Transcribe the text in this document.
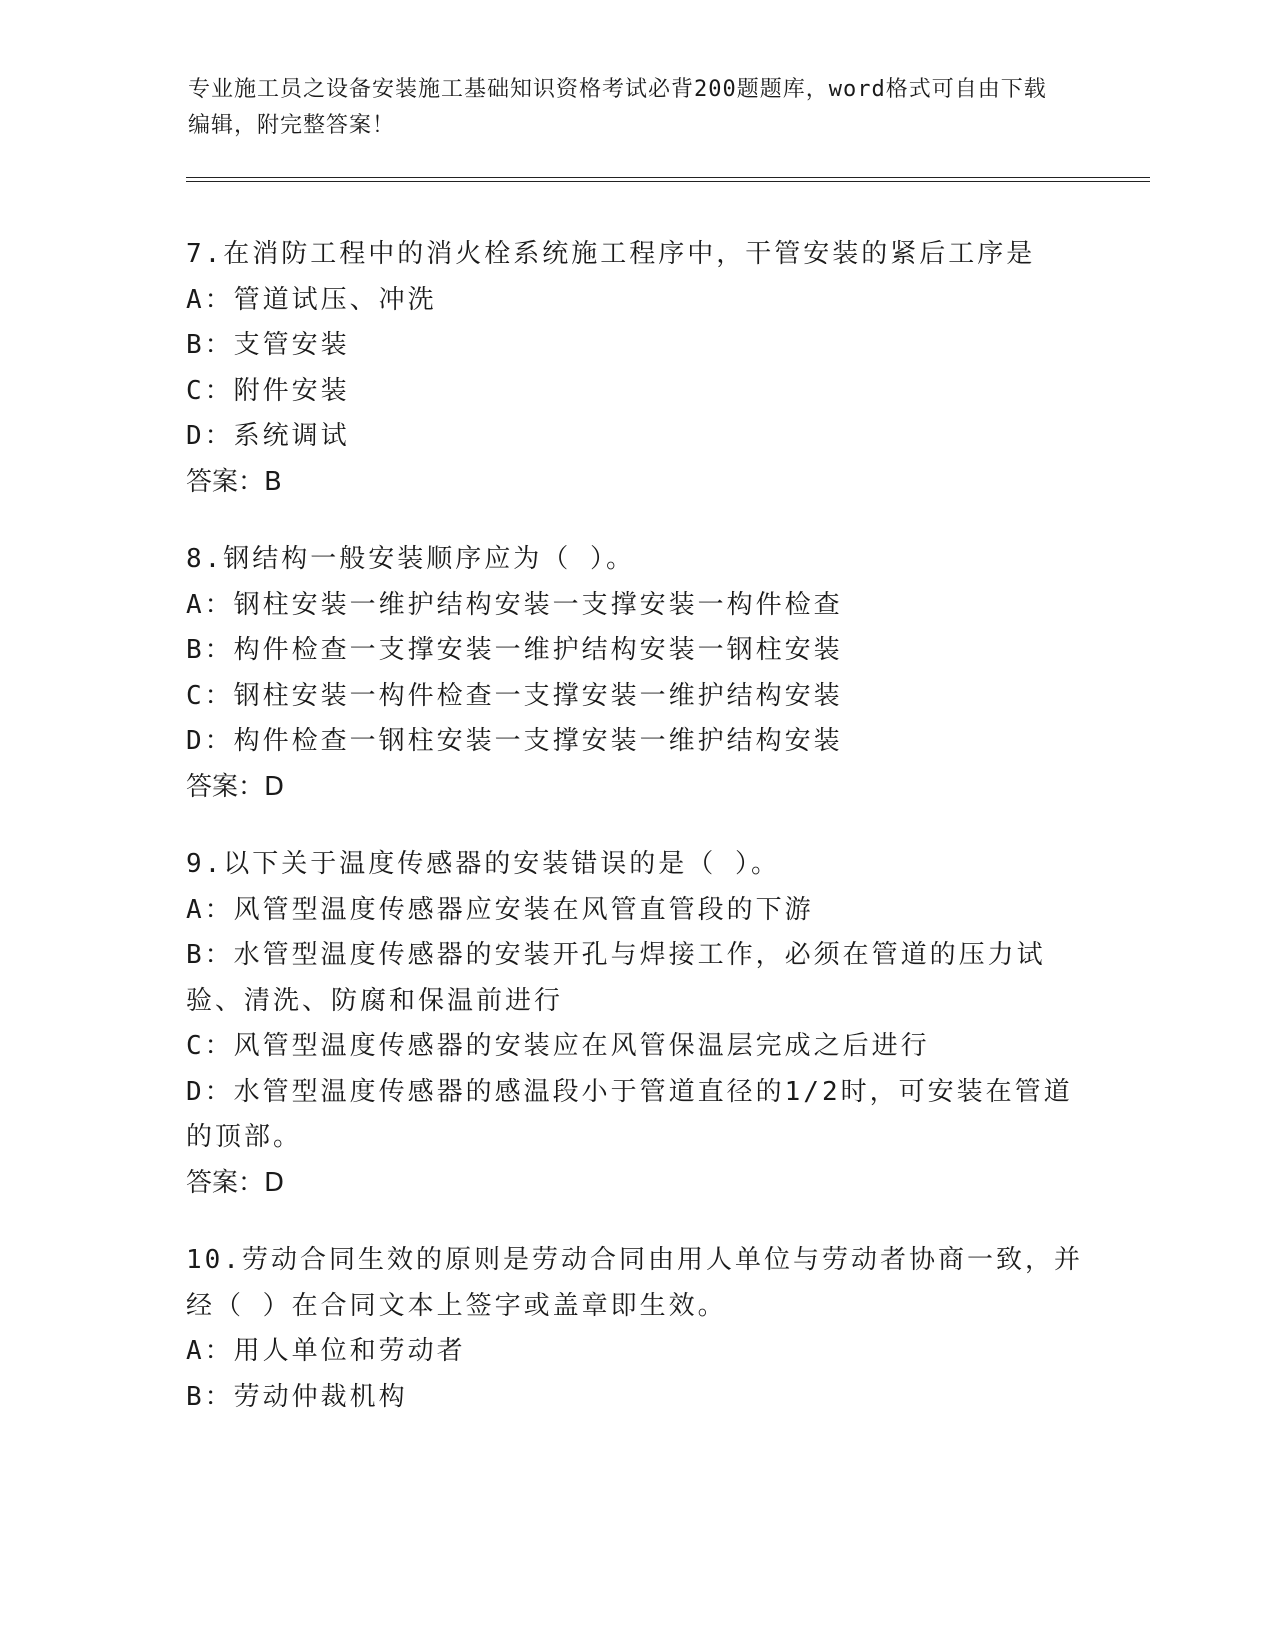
专业施工员之设备安装施工基础知识资格考试必背200题题库，word格式可自由下载编辑，附完整答案！
7.在消防工程中的消火栓系统施工程序中，干管安装的紧后工序是
A：管道试压、冲洗
B：支管安装
C：附件安装
D：系统调试
答案：B
8.钢结构一般安装顺序应为（ ）。
A：钢柱安装一维护结构安装一支撑安装一构件检查
B：构件检查一支撑安装一维护结构安装一钢柱安装
C：钢柱安装一构件检查一支撑安装一维护结构安装
D：构件检查一钢柱安装一支撑安装一维护结构安装
答案：D
9.以下关于温度传感器的安装错误的是（ ）。
A：风管型温度传感器应安装在风管直管段的下游
B：水管型温度传感器的安装开孔与焊接工作，必须在管道的压力试验、清洗、防腐和保温前进行
C：风管型温度传感器的安装应在风管保温层完成之后进行
D：水管型温度传感器的感温段小于管道直径的1/2时，可安装在管道的顶部。
答案：D
10.劳动合同生效的原则是劳动合同由用人单位与劳动者协商一致，并经（ ）在合同文本上签字或盖章即生效。
A：用人单位和劳动者
B：劳动仲裁机构
